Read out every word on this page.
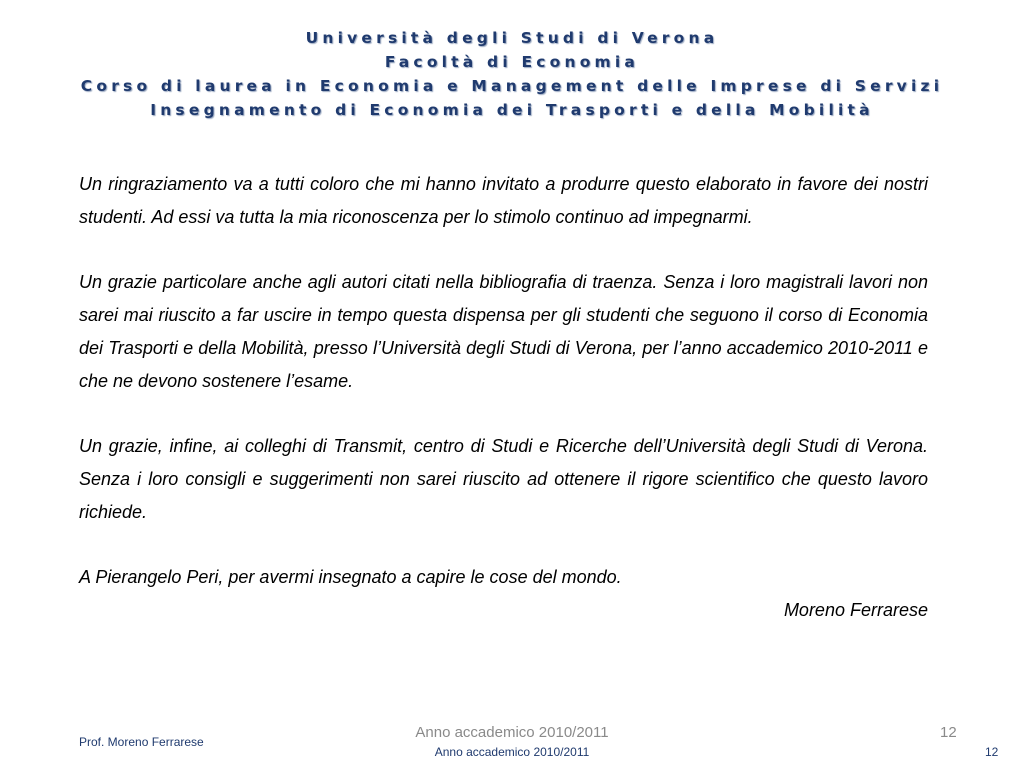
Università degli Studi di Verona
Facoltà di Economia
Corso di laurea in Economia e Management delle Imprese di Servizi
Insegnamento di Economia dei Trasporti e della Mobilità

Un ringraziamento va a tutti coloro che mi hanno invitato a produrre questo elaborato in favore dei nostri studenti. Ad essi va tutta la mia riconoscenza per lo stimolo continuo ad impegnarmi.

Un grazie particolare anche agli autori citati nella bibliografia di traenza. Senza i loro magistrali lavori non sarei mai riuscito a far uscire in tempo questa dispensa per gli studenti che seguono il corso di Economia dei Trasporti e della Mobilità, presso l’Università degli Studi di Verona, per l’anno accademico 2010-2011 e che ne devono sostenere l’esame.

Un grazie, infine, ai colleghi di Transmit, centro di Studi e Ricerche dell’Università degli Studi di Verona. Senza i loro consigli e suggerimenti non sarei riuscito ad ottenere il rigore scientifico che questo lavoro richiede.

A Pierangelo Peri, per avermi insegnato a capire le cose del mondo.

Moreno Ferrarese

Prof. Moreno Ferrarese
Anno accademico 2010/2011
Anno accademico 2010/2011
12
12
